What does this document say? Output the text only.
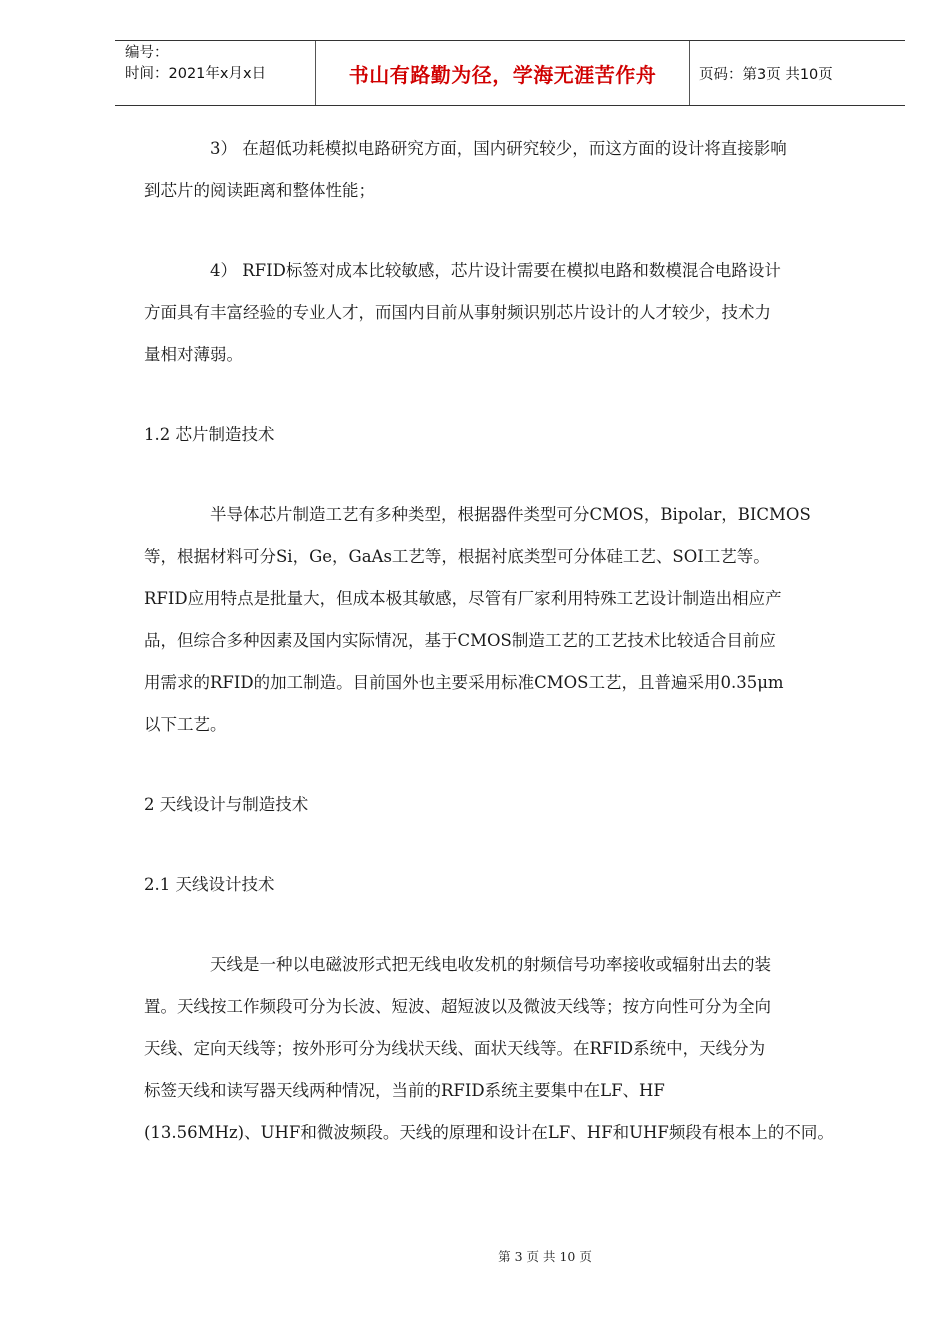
编号：
时间：2021年x月x日	书山有路勤为径，学海无涯苦作舟	页码：第3页 共10页

3） 在超低功耗模拟电路研究方面，国内研究较少，而这方面的设计将直接影响

到芯片的阅读距离和整体性能；

4） RFID标签对成本比较敏感，芯片设计需要在模拟电路和数模混合电路设计

方面具有丰富经验的专业人才，而国内目前从事射频识别芯片设计的人才较少，技术力

量相对薄弱。

1.2 芯片制造技术

半导体芯片制造工艺有多种类型，根据器件类型可分CMOS，Bipolar，BICMOS

等，根据材料可分Si，Ge，GaAs工艺等，根据衬底类型可分体硅工艺、SOI工艺等。

RFID应用特点是批量大，但成本极其敏感，尽管有厂家利用特殊工艺设计制造出相应产

品，但综合多种因素及国内实际情况，基于CMOS制造工艺的工艺技术比较适合目前应

用需求的RFID的加工制造。目前国外也主要采用标准CMOS工艺，且普遍采用0.35μm

以下工艺。

2 天线设计与制造技术

2.1 天线设计技术

天线是一种以电磁波形式把无线电收发机的射频信号功率接收或辐射出去的装

置。天线按工作频段可分为长波、短波、超短波以及微波天线等；按方向性可分为全向

天线、定向天线等；按外形可分为线状天线、面状天线等。在RFID系统中，天线分为

标签天线和读写器天线两种情况，当前的RFID系统主要集中在LF、HF

(13.56MHz)、UHF和微波频段。天线的原理和设计在LF、HF和UHF频段有根本上的不同。

第 3 页 共 10 页
